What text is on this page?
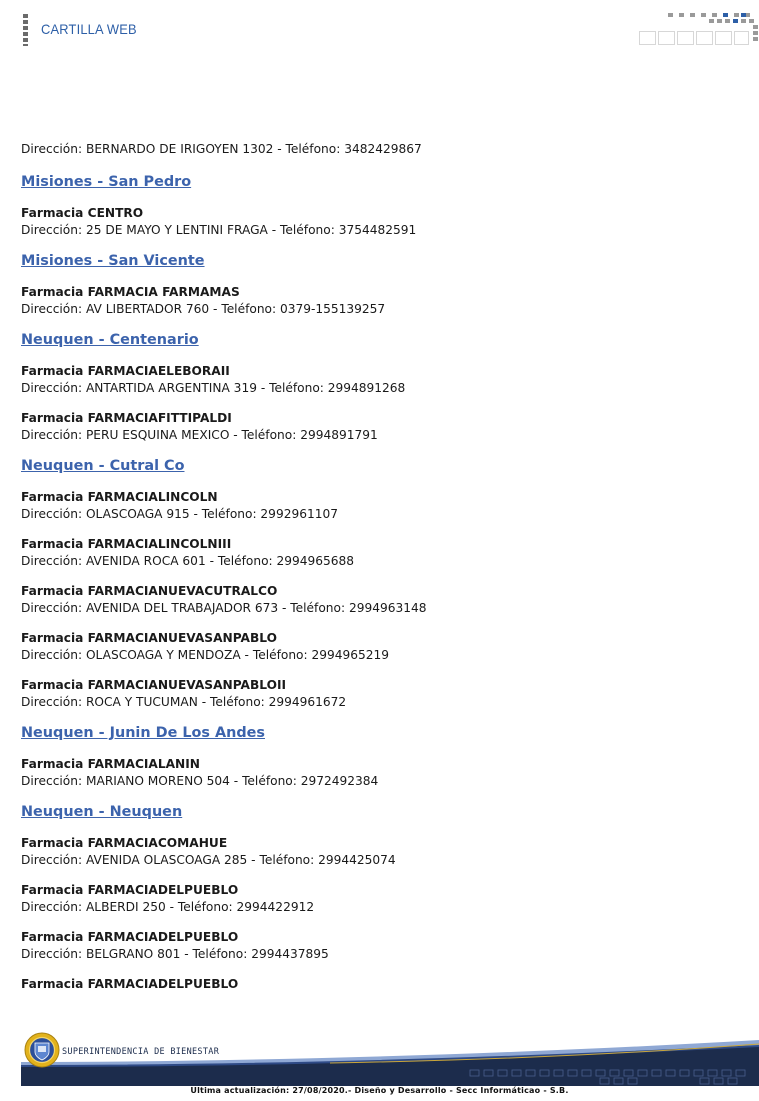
CARTILLA WEB
Dirección: BERNARDO DE IRIGOYEN 1302 - Teléfono: 3482429867
Misiones - San Pedro
Farmacia CENTRO
Dirección: 25 DE MAYO Y LENTINI FRAGA - Teléfono: 3754482591
Misiones - San Vicente
Farmacia FARMACIA FARMAMAS
Dirección: AV LIBERTADOR 760 - Teléfono: 0379-155139257
Neuquen - Centenario
Farmacia FARMACIAELEBORAII
Dirección: ANTARTIDA ARGENTINA 319 - Teléfono: 2994891268
Farmacia FARMACIAFITTIPALDI
Dirección: PERU ESQUINA MEXICO - Teléfono: 2994891791
Neuquen - Cutral Co
Farmacia FARMACIALINCOLN
Dirección: OLASCOAGA 915 - Teléfono: 2992961107
Farmacia FARMACIALINCOLNIII
Dirección: AVENIDA ROCA 601 - Teléfono: 2994965688
Farmacia FARMACIANUEVACUTRALCO
Dirección: AVENIDA DEL TRABAJADOR 673 - Teléfono: 2994963148
Farmacia FARMACIANUEVASANPABLO
Dirección: OLASCOAGA Y MENDOZA - Teléfono: 2994965219
Farmacia FARMACIANUEVASANPABLOII
Dirección: ROCA Y TUCUMAN - Teléfono: 2994961672
Neuquen - Junin De Los Andes
Farmacia FARMACIALANIN
Dirección: MARIANO MORENO 504 - Teléfono: 2972492384
Neuquen - Neuquen
Farmacia FARMACIACOMAHUE
Dirección: AVENIDA OLASCOAGA 285 - Teléfono: 2994425074
Farmacia FARMACIADELPUEBLO
Dirección: ALBERDI 250 - Teléfono: 2994422912
Farmacia FARMACIADELPUEBLO
Dirección: BELGRANO 801 - Teléfono: 2994437895
Farmacia FARMACIADELPUEBLO
SUPERINTENDENCIA DE BIENESTAR
Ultima actualización: 27/08/2020.- Diseño y Desarrollo - Secc Informáticao - S.B.
